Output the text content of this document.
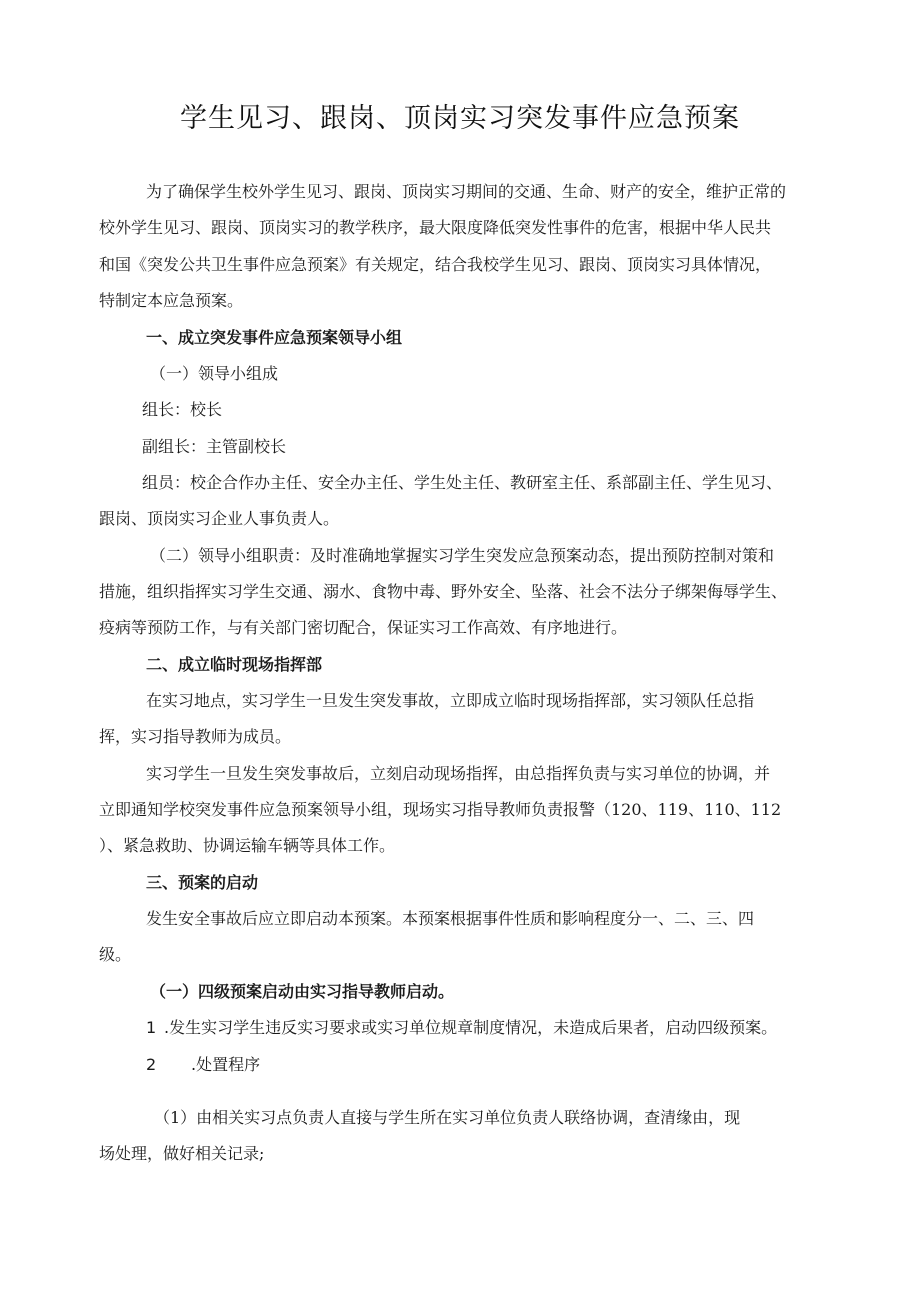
学生见习、跟岗、顶岗实习突发事件应急预案
为了确保学生校外学生见习、跟岗、顶岗实习期间的交通、生命、财产的安全，维护正常的
校外学生见习、跟岗、顶岗实习的教学秩序，最大限度降低突发性事件的危害，根据中华人民共
和国《突发公共卫生事件应急预案》有关规定，结合我校学生见习、跟岗、顶岗实习具体情况，
特制定本应急预案。
一、成立突发事件应急预案领导小组
（一）领导小组成
组长：校长
副组长：主管副校长
组员：校企合作办主任、安全办主任、学生处主任、教研室主任、系部副主任、学生见习、
跟岗、顶岗实习企业人事负责人。
（二）领导小组职责：及时准确地掌握实习学生突发应急预案动态，提出预防控制对策和
措施，组织指挥实习学生交通、溺水、食物中毒、野外安全、坠落、社会不法分子绑架侮辱学生、
疫病等预防工作，与有关部门密切配合，保证实习工作高效、有序地进行。
二、成立临时现场指挥部
在实习地点，实习学生一旦发生突发事故，立即成立临时现场指挥部，实习领队任总指
挥，实习指导教师为成员。
实习学生一旦发生突发事故后，立刻启动现场指挥，由总指挥负责与实习单位的协调，并
立即通知学校突发事件应急预案领导小组，现场实习指导教师负责报警（120、119、110、112
）、紧急救助、协调运输车辆等具体工作。
三、预案的启动
发生安全事故后应立即启动本预案。本预案根据事件性质和影响程度分一、二、三、四
级。
（一）四级预案启动由实习指导教师启动。
1 .发生实习学生违反实习要求或实习单位规章制度情况，未造成后果者，启动四级预案。
2 .处置程序
（1）由相关实习点负责人直接与学生所在实习单位负责人联络协调，查清缘由，现
场处理，做好相关记录;
